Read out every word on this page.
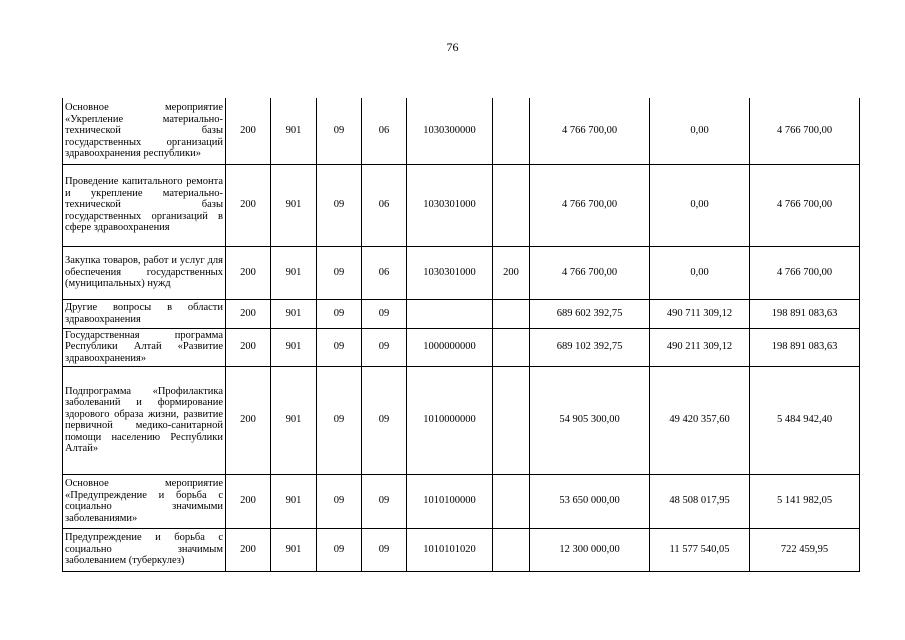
76
Основное мероприятие «Укрепление материально-технической базы государственных организаций здравоохранения республики»	200	901	09	06	1030300000		4 766 700,00	0,00	4 766 700,00
Проведение капитального ремонта и укрепление материально-технической базы государственных организаций в сфере здравоохранения	200	901	09	06	1030301000		4 766 700,00	0,00	4 766 700,00
Закупка товаров, работ и услуг для обеспечения государственных (муниципальных) нужд	200	901	09	06	1030301000	200	4 766 700,00	0,00	4 766 700,00
Другие вопросы в области здравоохранения	200	901	09	09			689 602 392,75	490 711 309,12	198 891 083,63
Государственная программа Республики Алтай «Развитие здравоохранения»	200	901	09	09	1000000000		689 102 392,75	490 211 309,12	198 891 083,63
Подпрограмма «Профилактика заболеваний и формирование здорового образа жизни, развитие первичной медико-санитарной помощи населению Республики Алтай»	200	901	09	09	1010000000		54 905 300,00	49 420 357,60	5 484 942,40
Основное мероприятие «Предупреждение и борьба с социально значимыми заболеваниями»	200	901	09	09	1010100000		53 650 000,00	48 508 017,95	5 141 982,05
Предупреждение и борьба с социально значимым заболеванием (туберкулез)	200	901	09	09	1010101020		12 300 000,00	11 577 540,05	722 459,95
